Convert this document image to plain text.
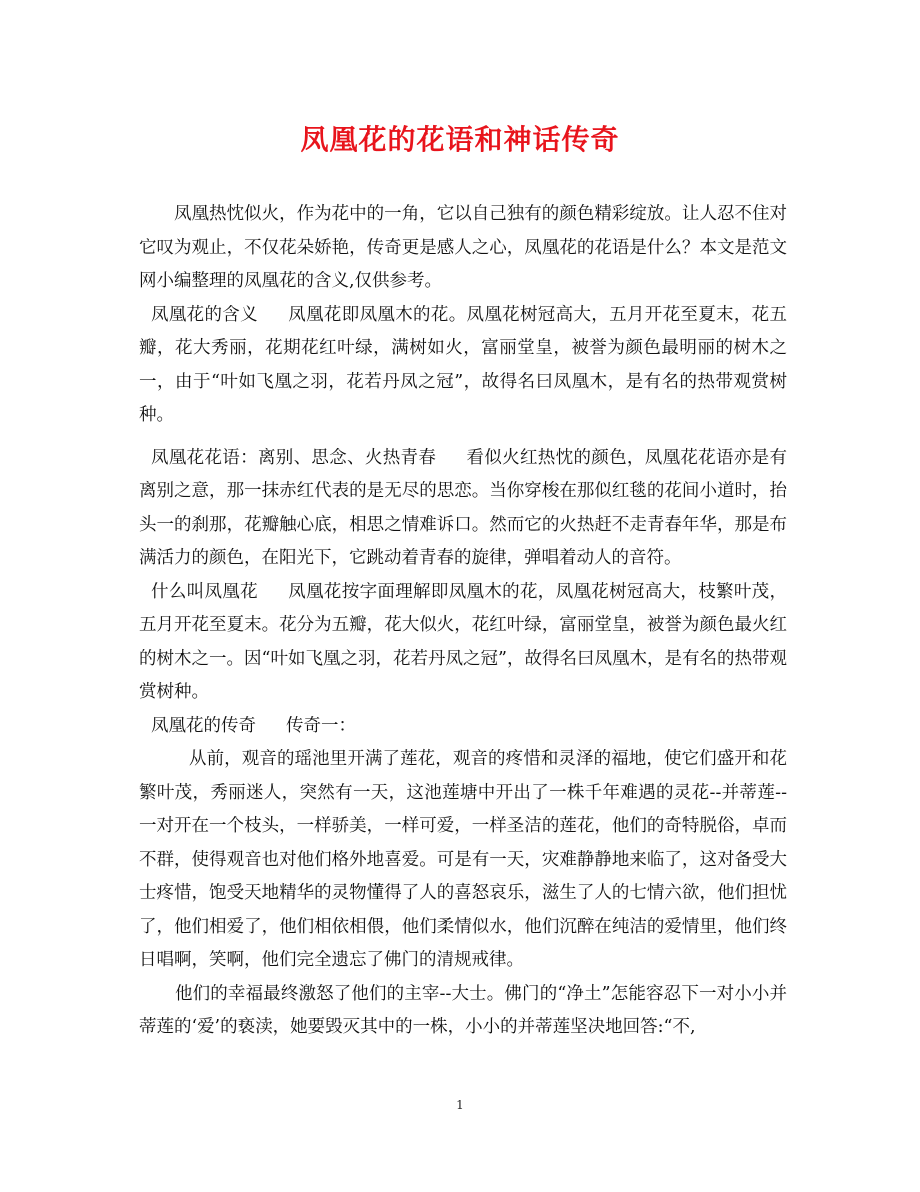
凤凰花的花语和神话传奇

凤凰热忱似火，作为花中的一角，它以自己独有的颜色精彩绽放。让人忍不住对它叹为观止，不仅花朵娇艳，传奇更是感人之心，凤凰花的花语是什么？本文是范文网小编整理的凤凰花的含义,仅供参考。

凤凰花的含义 凤凰花即凤凰木的花。凤凰花树冠高大，五月开花至夏末，花五瓣，花大秀丽，花期花红叶绿，满树如火，富丽堂皇，被誉为颜色最明丽的树木之一，由于“叶如飞凰之羽，花若丹凤之冠”，故得名曰凤凰木，是有名的热带观赏树种。

凤凰花花语：离别、思念、火热青春 看似火红热忱的颜色，凤凰花花语亦是有离别之意，那一抹赤红代表的是无尽的思恋。当你穿梭在那似红毯的花间小道时，抬头一的刹那，花瓣触心底，相思之情难诉口。然而它的火热赶不走青春年华，那是布满活力的颜色，在阳光下，它跳动着青春的旋律，弹唱着动人的音符。

什么叫凤凰花 凤凰花按字面理解即凤凰木的花，凤凰花树冠高大，枝繁叶茂，五月开花至夏末。花分为五瓣，花大似火，花红叶绿，富丽堂皇，被誉为颜色最火红的树木之一。因“叶如飞凰之羽，花若丹凤之冠”，故得名曰凤凰木，是有名的热带观赏树种。

凤凰花的传奇 传奇一：

从前，观音的瑶池里开满了莲花，观音的疼惜和灵泽的福地，使它们盛开和花繁叶茂，秀丽迷人，突然有一天，这池莲塘中开出了一株千年难遇的灵花--并蒂莲--一对开在一个枝头，一样骄美，一样可爱，一样圣洁的莲花，他们的奇特脱俗，卓而不群，使得观音也对他们格外地喜爱。可是有一天，灾难静静地来临了，这对备受大士疼惜，饱受天地精华的灵物懂得了人的喜怒哀乐，滋生了人的七情六欲，他们担忧了，他们相爱了，他们相依相偎，他们柔情似水，他们沉醉在纯洁的爱情里，他们终日唱啊，笑啊，他们完全遗忘了佛门的清规戒律。

他们的幸福最终激怒了他们的主宰--大士。佛门的“净土”怎能容忍下一对小小并蒂莲的‘爱’的亵渎，她要毁灭其中的一株，小小的并蒂莲坚决地回答:“不,

1
